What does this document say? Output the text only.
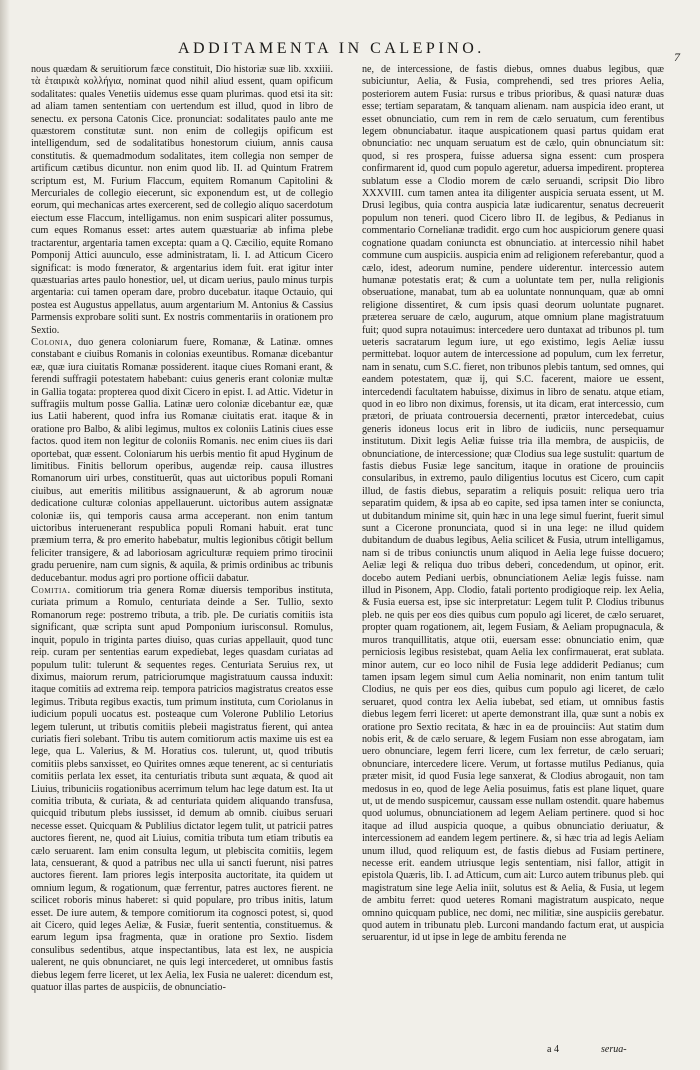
ADDITAMENTA IN CALEPINO.	7

nous quædam & seruitiorum fæce constituit, Dio historiæ suæ lib. xxxiiii. τὰ ἑταιρικὰ κολλήγια, nominat quod nihil aliud essent, quam opificum sodalitates: quales Venetiis uidemus esse quam plurimas. quod etsi ita sit: ad aliam tamen sententiam con uertendum est illud, quod in libro de senectu. ex persona Catonis Cice. pronunciat: sodalitates paulo ante me quæstorem constitutæ sunt. non enim de collegijs opificum est intelligendum, sed de sodalitatibus honestorum ciuium, annis causa constitutis. & quemadmodum sodalitates, item collegia non semper de artificum cætibus dicuntur. non enim quod lib. II. ad Quintum Fratrem scriptum est, M. Furium Flaccum, equitem Romanum Capitolini & Mercuriales de collegio eiecerunt, sic exponendum est, ut de collegio eorum, qui mechanicas artes exercerent, sed de collegio alíquo sacerdotum eiectum esse Flaccum, intelligamus. non enim suspicari aliter possumus, cum eques Romanus esset: artes autem quæstuariæ ab infima plebe tractarentur, argentaria tamen excepta: quam a Q. Cæcilio, equite Romano Pomponij Attici auunculo, esse administratam, li. I. ad Atticum Cicero significat: is modo fœnerator, & argentarius idem fuit. erat igitur inter quæstuarias artes paulo honestior, uel, ut dicam uerius, paulo minus turpis argentaria: cui tamen operam dare, probro ducebatur. itaque Octauio, qui postea est Augustus appellatus, auum argentarium M. Antonius & Cassius Parmensis exprobare soliti sunt. Ex nostris commentariis in orationem pro Sextio.

Colonia, duo genera coloniarum fuere, Romanæ, & Latinæ. omnes constabant e ciuibus Romanis in colonias exeuntibus. Romanæ dicebantur eæ, quæ iura ciuitatis Romanæ possiderent. itaque ciues Romani erant, & ferendi suffragii potestatem habebant: cuius generis erant coloniæ multæ in Gallia togata: propterea quod dixit Cicero in epist. I. ad Attic. Videtur in suffragiis multum posse Gallia. Latinæ uero coloniæ dicebantur eæ, quæ ius Latii haberent, quod infra ius Romanæ ciuitatis erat. itaque & in oratione pro Balbo, & alibi legimus, multos ex coloniis Latinis ciues esse factos. quod item non legitur de coloniis Romanis. nec enim ciues iis dari oportebat, quæ essent. Coloniarum his uerbis mentio fit apud Hyginum de limitibus. Finitis bellorum operibus, augendæ reip. causa illustres Romanorum uiri urbes, constituerūt, quas aut uictoribus populi Romani ciuibus, aut emeritis militibus assignauerunt, & ab agrorum nouæ dedicatione culturæ colonias appellauerunt. uictoribus autem assignatæ coloniæ iis, qui temporis causa arma acceperant. non enim tantum uictoribus interuenerant respublica populi Romani habuit. erat tunc præmium terra, & pro emerito habebatur, multis legionibus cōtigit bellum feliciter transigere, & ad laboriosam agriculturæ requiem primo tirocinii gradu peruenire, nam cum signis, & aquila, & primis ordinibus ac tribunis deducebantur. modus agri pro portione officii dabatur.

Comitia. comitiorum tria genera Romæ diuersis temporibus instituta, curiata primum a Romulo, centuriata deinde a Ser. Tullio, sexto Romanorum rege: postremo tributa, a trib. ple. De curiatis comitiis ista significant, quæ scripta sunt apud Pomponium iurisconsul. Romulus, inquit, populo in triginta partes diuiso, quas curias appellauit, quod tunc reip. curam per sententias earum expediebat, leges quasdam curiatas ad populum tulit: tulerunt & sequentes reges. Centuriata Seruius rex, ut diximus, maiorum rerum, patriciorumque magistratuum caussa induxit: itaque comitiis ad extrema reip. tempora patricios magistratus creatos esse legimus. Tributa regibus exactis, tum primum instituta, cum Coriolanus in iudicium populi uocatus est. posteaque cum Volerone Publilio Letorius legem tulerunt, ut tributis comitiis plebeii magistratus fierent, qui antea curiatis fieri solebant. Tribu tis autem comitiorum actis maxime uis est ea lege, qua L. Valerius, & M. Horatius cos. tulerunt, ut, quod tributis comitiis plebs sanxisset, eo Quirites omnes æque tenerent, ac si centuriatis comitiis perlata lex esset, ita centuriatis tributa sunt æquata, & quod ait Liuius, tribuniciis rogationibus acerrimum telum hac lege datum est. Ita ut comitia tributa, & curiata, & ad centuriata quidem aliquando transfusa, quicquid tributum plebs iussisset, id demum ab omnib. ciuibus seruari necesse esset. Quicquam & Publilius dictator legem tulit, ut patricii patres auctores fierent, ne, quod ait Liuius, comitia tributa tum etiam tributis ea cælo seruarent. Iam enim consulta legum, ut plebiscita comitiis, legem lata, censuerant, & quod a patribus nec ulla ui sancti fuerunt, nisi patres auctores fierent. Iam priores legis interposita auctoritate, ita quidem ut omnium legum, & rogationum, quæ ferrentur, patres auctores fierent. ne scilicet roboris minus haberet: si quid populare, pro tribus initis, latum esset. De iure autem, & tempore comitiorum ita cognosci potest, si, quod ait Cicero, quid leges Aeliæ, & Fusiæ, fuerit sententia, constituemus. & earum legum ipsa fragmenta, quæ in oratione pro Sextio. Iisdem consulibus sedentibus, atque inspectantibus, lata est lex, ne auspicia ualerent, ne quis obnunciaret, ne quis legi intercederet, ut omnibus fastis diebus legem ferre liceret, ut lex Aelia, lex Fusia ne ualeret: dicendum est, quatuor illas partes de auspiciis, de obnunciatio-

ne, de intercessione, de fastis diebus, omnes duabus legibus, quæ subiciuntur, Aelia, & Fusia, comprehendi, sed tres priores Aelia, posteriorem autem Fusia: rursus e tribus prioribus, & quasi naturæ duas esse; tertiam separatam, & tanquam alienam. nam auspicia ideo erant, ut esset obnunciatio, cum rem in rem de cælo seruatum, cum ferentibus legem obnunciabatur. itaque auspicationem quasi partus quidam erat obnunciatio: nec unquam seruatum est de cælo, quin obnunciatum sit: quod, si res prospera, fuisse aduersa signa essent: cum prospera confirmarent id, quod cum populo ageretur, aduersa impedirent. propterea sublatum esse a Clodio morem de cælo seruandi, scripsit Dio libro XXXVIII. cum tamen antea ita diligenter auspicia seruata essent, ut M. Drusi legibus, quia contra auspicia latæ iudicarentur, senatus decreuerit populum non teneri. quod Cicero libro II. de legibus, & Pedianus in commentario Cornelianæ tradidit. ergo cum hoc auspiciorum genere quasi cognatione quadam coniuncta est obnunciatio. at intercessio nihil habet commune cum auspiciis. auspicia enim ad religionem referebantur, quod a cælo, idest, adeorum numine, pendere uiderentur. intercessio autem humanæ potestatis erat; & cum a uoluntate tem per, nulla religionis obseruatione, manabat, tum ab ea uoluntate nonnunquam, quæ ab omni religione dissentiret, & cum ipsis quasi deorum uoluntate pugnaret. præterea seruare de cælo, augurum, atque omnium plane magistratuum fuit; quod supra notauimus: intercedere uero duntaxat ad tribunos pl. tum ueteris sacratarum legum iure, ut ego existimo, legis Aeliæ iussu permittebat. loquor autem de intercessione ad populum, cum lex ferretur, nam in senatu, cum S.C. fieret, non tribunos plebis tantum, sed omnes, qui eandem potestatem, quæ ij, qui S.C. facerent, maiore ue essent, intercedendi facultatem habuisse, diximus in libro de senatu. atque etiam, quod in eo libro non diximus, forensis, ut ita dicam, erat intercessio, cum prætori, de priuata controuersia decernenti, prætor intercedebat, cuius generis idoneus locus erit in libro de iudiciis, nunc persequamur institutum. Dixit legis Aeliæ fuisse tria illa membra, de auspiciis, de obnunciatione, de intercessione; quæ Clodius sua lege sustulit: quartum de fastis diebus Fusiæ lege sancitum, itaque in oratione de prouinciis consularibus, in extremo, paulo diligentius locutus est Cicero, cum capit illud, de fastis diebus, separatim a reliquis posuit: reliqua uero tria separatim quidem, & ipsa ab eo capite, sed ipsa tamen inter se coniuncta, ut dubitandum minime sit, quin hæc in una lege simul fuerint, fuerit simul sunt a Cicerone pronunciata, quod si in una lege: ne illud quidem dubitandum de duabus legibus, Aelia scilicet & Fusia, utrum intelligamus, nam si de tribus coniunctis unum aliquod in Aelia lege fuisse docuero; Aeliæ legi & reliqua duo tribus deberi, concedendum, ut opinor, erit. docebo autem Pediani uerbis, obnunciationem Aeliæ legis fuisse. nam illud in Pisonem, App. Clodio, fatali portento prodigioque reip. lex Aelia, & Fusia euersa est, ipse sic interpretatur: Legem tulit P. Clodius tribunus pleb. ne quis per eos dies quibus cum populo agi liceret, de cælo seruaret, propter quam rogationem, ait, legem Fusiam, & Aeliam propugnacula, & muros tranquillitatis, atque otii, euersam esse: obnunciatio enim, quæ perniciosis legibus resistebat, quam Aelia lex confirmauerat, erat sublata. minor autem, cur eo loco nihil de Fusia lege addiderit Pedianus; cum tamen ipsam legem simul cum Aelia nominarit, non enim tantum tulit Clodius, ne quis per eos dies, quibus cum populo agi liceret, de cælo seruaret, quod contra lex Aelia iubebat, sed etiam, ut omnibus fastis diebus legem ferri liceret: ut aperte demonstrant illa, quæ sunt a nobis ex oratione pro Sextio recitata, & hæc in ea de prouinciis: Aut statim dum nobis erit, & de cælo seruare, & legem Fusiam non esse abrogatam, iam uero obnunciare, legem ferri licere, cum lex ferretur, de cælo seruari; obnunciare, intercedere licere. Verum, ut fortasse mutilus Pedianus, quia præter misit, id quod Fusia lege sanxerat, & Clodius abrogauit, non tam medosus in eo, quod de lege Aelia posuimus, fatis est plane liquet, quare ut, ut de mendo suspicemur, caussam esse nullam ostendit. quare habemus quod uolumus, obnunciationem ad legem Aeliam pertinere. quod si hoc itaque ad illud auspicia quoque, a quibus obnunciatio deriuatur, & intercessionem ad eandem legem pertinere. &, si hæc tria ad legis Aeliam unum illud, quod reliquum est, de fastis diebus ad Fusiam pertinere, necesse erit. eandem utriusque legis sententiam, nisi fallor, attigit in epistola Quæris, lib. I. ad Atticum, cum ait: Lurco autem tribunus pleb. qui magistratum sine lege Aelia iniit, solutus est & Aelia, & Fusia, ut legem de ambitu ferret: quod ueteres Romani magistratum auspicato, neque omnino quicquam publice, nec domi, nec militiæ, sine auspiciis gerebatur. quod autem in tribunatu pleb. Lurconi mandando factum erat, ut auspicia seruarentur, id ut ipse in lege de ambitu ferenda ne

a 4	serua-
